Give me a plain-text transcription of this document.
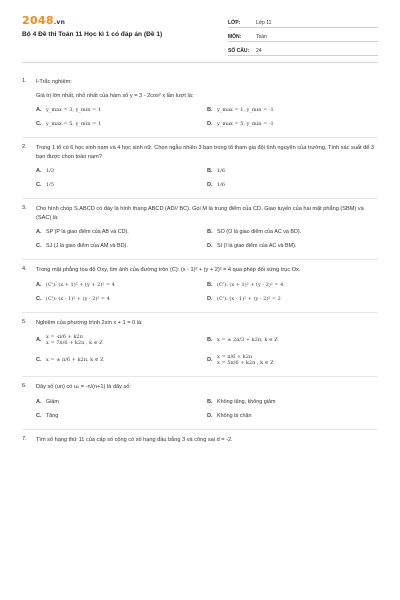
2048.vn
Bộ 4 Đề thi Toán 11 Học kì 1 có đáp án (Đề 1)
LỚP:	Lớp 11
MÔN:	Toán
SỐ CÂU:	24
1.	I-Trắc nghiệm:
Giá trị lớn nhất, nhỏ nhất của hàm số y = 3 - 2cos² x lần lượt là:
A. y_max = 3, y_min = 1	B. y_max = 1, y_min = -1
C. y_max = 5, y_min = 1	D. y_max = 5, y_min = -1
2.	Trong 1 tổ có 6 học sinh nam và 4 học sinh nữ. Chọn ngẫu nhiên 3 bạn trong tổ tham gia đội tình nguyện của trường. Tính xác suất để 3 bạn được chọn toàn nam?
A. 1/3	B. 1/6
C. 1/5	D. 1/6
3.	Cho hình chóp S.ABCD có đáy là hình thang ABCD (AD// BC). Gọi M là trung điểm của CD. Giao tuyến của hai mặt phẳng (SBM) và (SAC) là:
A. SP (P là giao điểm của AB và CD).	B. SO (O là giao điểm của AC và BD).
C. SJ (J là giao điểm của AM và BD).	D. SI (I là giao điểm của AC và BM).
4.	Trong mặt phẳng tọa độ Oxy, tìm ảnh của đường tròn (C): (x - 1)² + (y + 2)² = 4 qua phép đối xứng trục Ox.
A. (C'): (x + 1)² + (y + 2)² = 4	B. (C'): (x + 1)² + (y - 2)² = 4
C. (C'): (x - 1)² + (y - 2)² = 4	D. (C'): (x - 1)² + (y - 2)² = 2
5.	Nghiệm của phương trình 2sin x + 1 = 0 là:
A.
x = -π/6 + k2π
x = 7π/6 + k2π , k ∈ Z	B. x = ± 2π/3 + k2π, k ∈ Z
C. x = ± π/6 + k2π, k ∈ Z	D.
x = π/6 + k2π
x = 5π/6 + k2π , k ∈ Z
6.	Dãy số (un) có uₙ = -n/(n+1) là dãy số:
A. Giảm	B. Không tăng, không giảm
C. Tăng	D. Không bị chặn
7.	Tìm số hạng thứ 11 của cấp số cộng có số hạng đầu bằng 3 và công sai d = -2.
